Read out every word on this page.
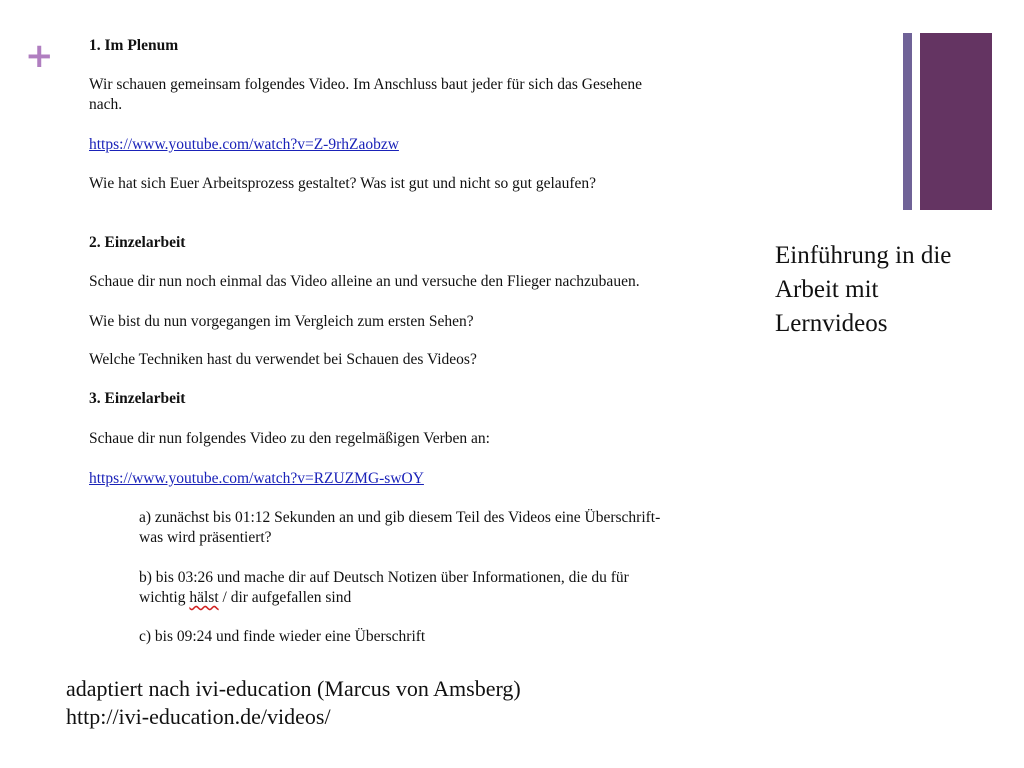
+
Einführung in die
Arbeit mit
Lernvideos
1. Im Plenum
Wir schauen gemeinsam folgendes Video. Im Anschluss baut jeder für sich das Gesehene
nach.
https://www.youtube.com/watch?v=Z-9rhZaobzw
Wie hat sich Euer Arbeitsprozess gestaltet? Was ist gut und nicht so gut gelaufen?
2. Einzelarbeit
Schaue dir nun noch einmal das Video alleine an und versuche den Flieger nachzubauen.
Wie bist du nun vorgegangen im Vergleich zum ersten Sehen?
Welche Techniken hast du verwendet bei Schauen des Videos?
3. Einzelarbeit
Schaue dir nun folgendes Video zu den regelmäßigen Verben an:
https://www.youtube.com/watch?v=RZUZMG-swOY
a) zunächst bis 01:12 Sekunden an und gib diesem Teil des Videos eine Überschrift-
was wird präsentiert?
b) bis 03:26 und mache dir auf Deutsch Notizen über Informationen, die du für
wichtig hälst / dir aufgefallen sind
c) bis 09:24 und finde wieder eine Überschrift
adaptiert nach ivi-education (Marcus von Amsberg)
http://ivi-education.de/videos/
